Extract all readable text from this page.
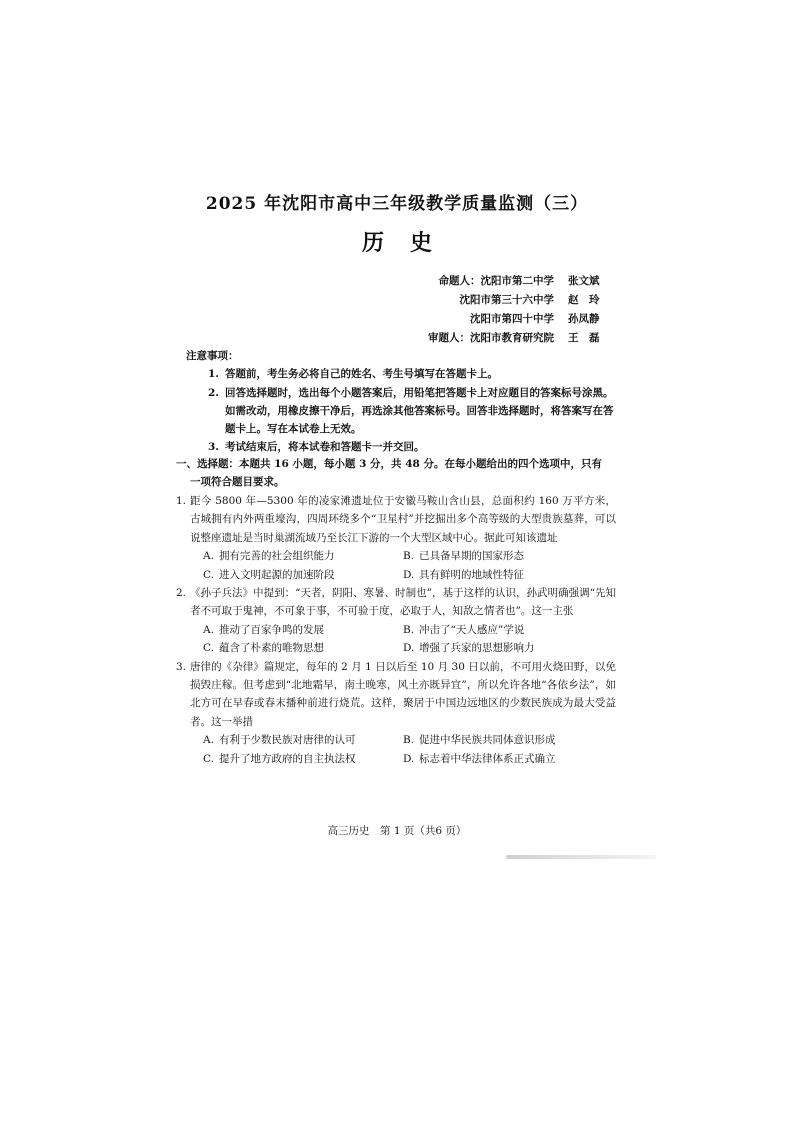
2025 年沈阳市高中三年级教学质量监测（三）
历史
命题人：沈阳市第二中学	张文斌
沈阳市第三十六中学	赵　玲
沈阳市第四十中学	孙凤静
审题人：沈阳市教育研究院	王　磊
注意事项：
1. 答题前，考生务必将自己的姓名、考生号填写在答题卡上。
2. 回答选择题时，选出每个小题答案后，用铅笔把答题卡上对应题目的答案标号涂黑。如需改动，用橡皮擦干净后，再选涂其他答案标号。回答非选择题时，将答案写在答题卡上。写在本试卷上无效。
3. 考试结束后，将本试卷和答题卡一并交回。
一、选择题：本题共 16 小题，每小题 3 分，共 48 分。在每小题给出的四个选项中，只有
一项符合题目要求。
1. 距今 5800 年—5300 年的凌家滩遗址位于安徽马鞍山含山县，总面积约 160 万平方米，古城拥有内外两重壕沟，四周环绕多个“卫星村”并挖掘出多个高等级的大型贵族墓葬，可以说整座遗址是当时巢湖流域乃至长江下游的一个大型区域中心。据此可知该遗址
A. 拥有完善的社会组织能力	B. 已具备早期的国家形态
C. 进入文明起源的加速阶段	D. 具有鲜明的地域性特征
2. 《孙子兵法》中提到：“天者，阴阳、寒暑、时制也”，基于这样的认识，孙武明确强调“先知者不可取于鬼神，不可象于事，不可验于度，必取于人，知敌之情者也”。这一主张
A. 推动了百家争鸣的发展	B. 冲击了“天人感应”学说
C. 蕴含了朴素的唯物思想	D. 增强了兵家的思想影响力
3. 唐律的《杂律》篇规定，每年的 2 月 1 日以后至 10 月 30 日以前，不可用火烧田野，以免损毁庄稼。但考虑到“北地霜早，南土晚寒，风土亦既异宜”，所以允许各地“各依乡法”，如北方可在早春或春末播种前进行烧荒。这样，聚居于中国边远地区的少数民族成为最大受益者。这一举措
A. 有利于少数民族对唐律的认可	B. 促进中华民族共同体意识形成
C. 提升了地方政府的自主执法权	D. 标志着中华法律体系正式确立
高三历史　第 1 页（共6 页）
